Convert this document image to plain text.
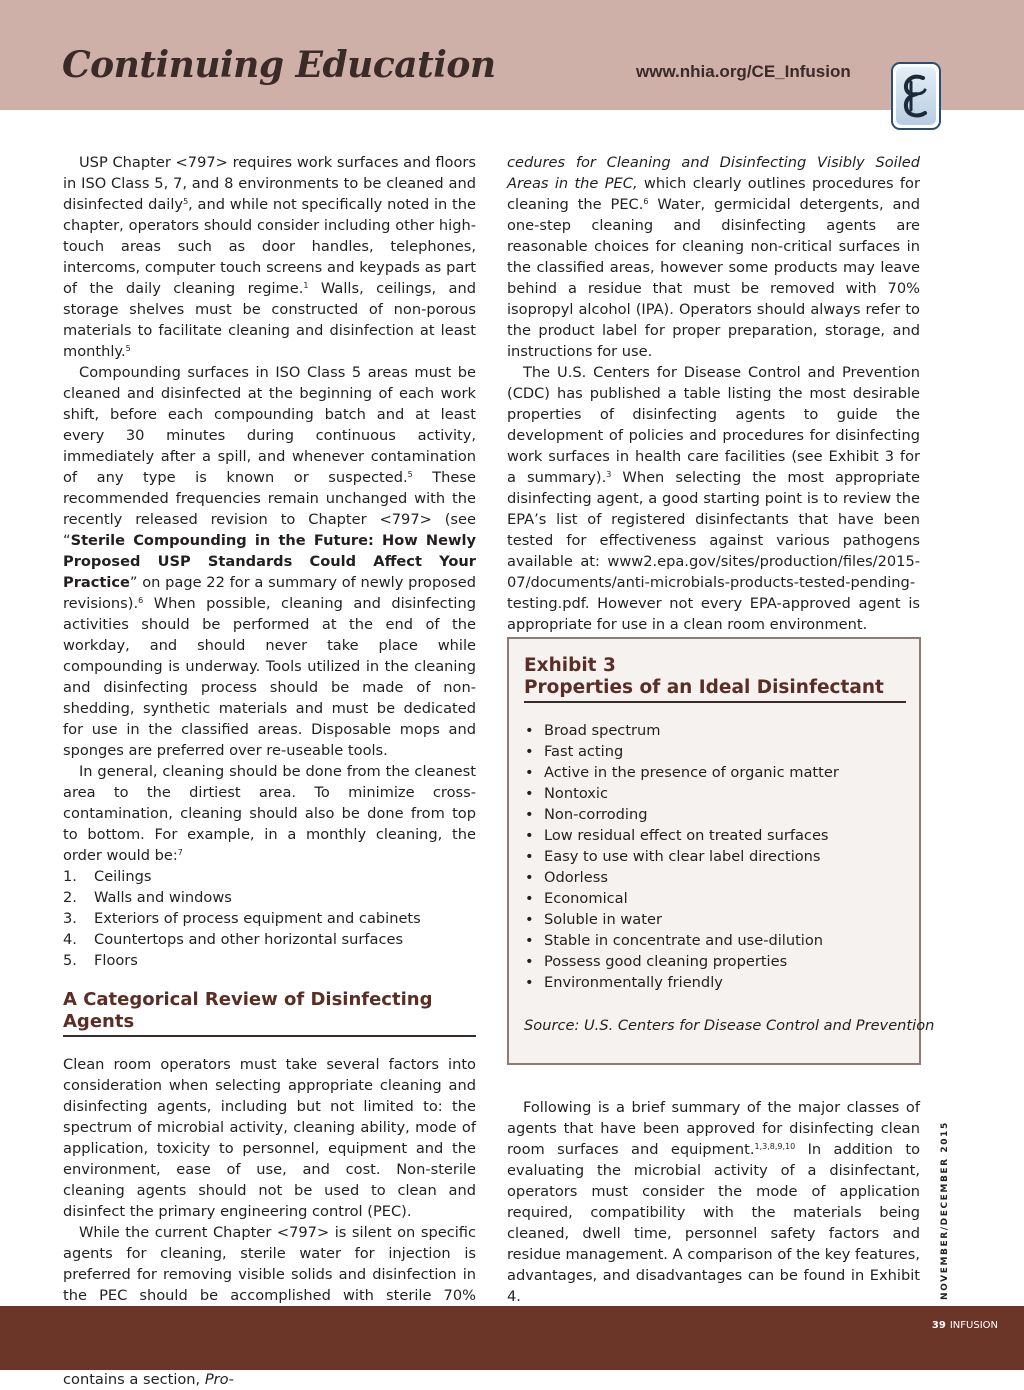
Continuing Education	www.nhia.org/CE_Infusion

USP Chapter <797> requires work surfaces and floors in ISO Class 5, 7, and 8 environments to be cleaned and disinfected daily$^5$, and while not specifically noted in the chapter, operators should consider including other high-touch areas such as door handles, telephones, intercoms, computer touch screens and keypads as part of the daily cleaning regime.$^1$ Walls, ceilings, and storage shelves must be constructed of non-porous materials to facilitate cleaning and disinfection at least monthly.$^5$

Compounding surfaces in ISO Class 5 areas must be cleaned and disinfected at the beginning of each work shift, before each compounding batch and at least every 30 minutes during continuous activity, immediately after a spill, and whenever contamination of any type is known or suspected.$^5$ These recommended frequencies remain unchanged with the recently released revision to Chapter <797> (see “Sterile Compounding in the Future: How Newly Proposed USP Standards Could Affect Your Practice” on page 22 for a summary of newly proposed revisions).$^6$ When possible, cleaning and disinfecting activities should be performed at the end of the workday, and should never take place while compounding is underway. Tools utilized in the cleaning and disinfecting process should be made of non-shedding, synthetic materials and must be dedicated for use in the classified areas. Disposable mops and sponges are preferred over re-useable tools.

In general, cleaning should be done from the cleanest area to the dirtiest area. To minimize cross-contamination, cleaning should also be done from top to bottom. For example, in a monthly cleaning, the order would be:$^7$

1. Ceilings
2. Walls and windows
3. Exteriors of process equipment and cabinets
4. Countertops and other horizontal surfaces
5. Floors
A Categorical Review of Disinfecting Agents

Clean room operators must take several factors into consideration when selecting appropriate cleaning and disinfecting agents, including but not limited to: the spectrum of microbial activity, cleaning ability, mode of application, toxicity to personnel, equipment and the environment, ease of use, and cost. Non-sterile cleaning agents should not be used to clean and disinfect the primary engineering control (PEC).

While the current Chapter <797> is silent on specific agents for cleaning, sterile water for injection is preferred for removing visible solids and disinfection in the PEC should be accomplished with sterile 70% contains a section, Pro-

cedures for Cleaning and Disinfecting Visibly Soiled Areas in the PEC, which clearly outlines procedures for cleaning the PEC.$^6$ Water, germicidal detergents, and one-step cleaning and disinfecting agents are reasonable choices for cleaning non-critical surfaces in the classified areas, however some products may leave behind a residue that must be removed with 70% isopropyl alcohol (IPA). Operators should always refer to the product label for proper preparation, storage, and instructions for use.

The U.S. Centers for Disease Control and Prevention (CDC) has published a table listing the most desirable properties of disinfecting agents to guide the development of policies and procedures for disinfecting work surfaces in health care facilities (see Exhibit 3 for a summary).$^3$ When selecting the most appropriate disinfecting agent, a good starting point is to review the EPA’s list of registered disinfectants that have been tested for effectiveness against various pathogens available at: www2.epa.gov/sites/production/files/2015-07/documents/anti-microbials-products-tested-pending-testing.pdf. However not every EPA-approved agent is appropriate for use in a clean room environment.

Exhibit 3
Properties of an Ideal Disinfectant
• Broad spectrum
• Fast acting
• Active in the presence of organic matter
• Nontoxic
• Non-corroding
• Low residual effect on treated surfaces
• Easy to use with clear label directions
• Odorless
• Economical
• Soluble in water
• Stable in concentrate and use-dilution
• Possess good cleaning properties
• Environmentally friendly
Source: U.S. Centers for Disease Control and Prevention

Following is a brief summary of the major classes of agents that have been approved for disinfecting clean room surfaces and equipment.$^{1,3,8,9,10}$ In addition to evaluating the microbial activity of a disinfectant, operators must consider the mode of application required, compatibility with the materials being cleaned, dwell time, personnel safety factors and residue management. A comparison of the key features, advantages, and disadvantages can be found in Exhibit 4.	NOVEMBER/DECEMBER 2015
39 INFUSION
